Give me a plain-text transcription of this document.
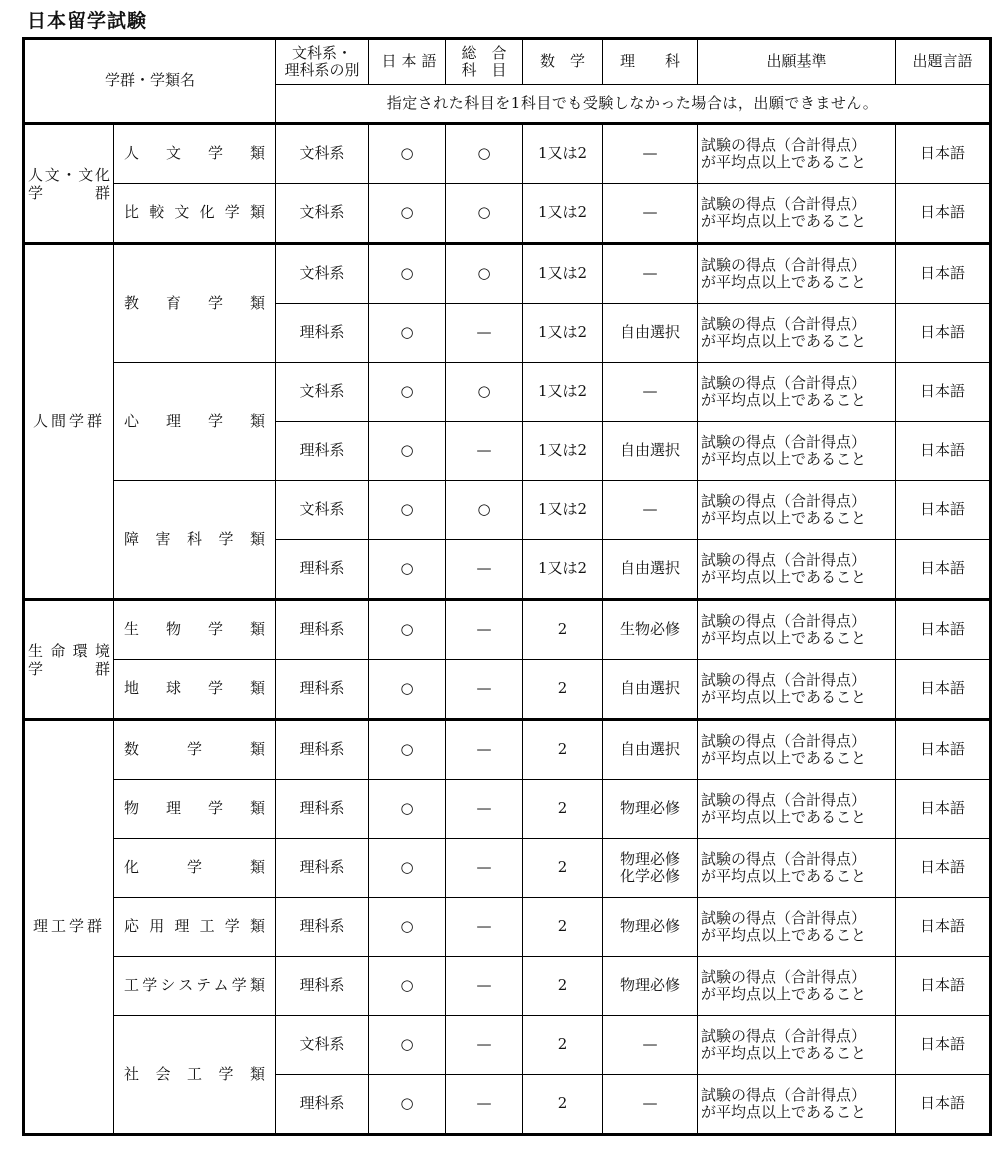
日本留学試験
学群・学類名		文科系・
理科系の別	日本語	総　合
科　目	数　学	理　　科	出願基準	出題言語
		指定された科目を1科目でも受験しなかった場合は，出願できません。						

人文・文化
学　　　群	人文学類	文科系	○	○	1又は2	—	試験の得点（合計得点）
が平均点以上であること	日本語

	比較文化学類	文科系	○	○	1又は2	—	試験の得点（合計得点）
が平均点以上であること	日本語
人間学群	教育学類	文科系	○	○	1又は2	—	試験の得点（合計得点）
が平均点以上であること	日本語
		理科系	○	—	1又は2	自由選択	試験の得点（合計得点）
が平均点以上であること	日本語

	心理学類	文科系	○	○	1又は2	—	試験の得点（合計得点）
が平均点以上であること	日本語
		理科系	○	—	1又は2	自由選択	試験の得点（合計得点）
が平均点以上であること	日本語

	障害科学類	文科系	○	○	1又は2	—	試験の得点（合計得点）
が平均点以上であること	日本語
		理科系	○	—	1又は2	自由選択	試験の得点（合計得点）
が平均点以上であること	日本語

生命環境
学　　　群	生物学類	理科系	○	—	2	生物必修	試験の得点（合計得点）
が平均点以上であること	日本語

	地球学類	理科系	○	—	2	自由選択	試験の得点（合計得点）
が平均点以上であること	日本語
理工学群	数学類	理科系	○	—	2	自由選択	試験の得点（合計得点）
が平均点以上であること	日本語

	物理学類	理科系	○	—	2	物理必修	試験の得点（合計得点）
が平均点以上であること	日本語

	化学類	理科系	○	—	2	物理必修
化学必修	試験の得点（合計得点）
が平均点以上であること	日本語

	応用理工学類	理科系	○	—	2	物理必修	試験の得点（合計得点）
が平均点以上であること	日本語

	工学システム学類	理科系	○	—	2	物理必修	試験の得点（合計得点）
が平均点以上であること	日本語

	社会工学類	文科系	○	—	2	—	試験の得点（合計得点）
が平均点以上であること	日本語
		理科系	○	—	2	—	試験の得点（合計得点）
が平均点以上であること	日本語
